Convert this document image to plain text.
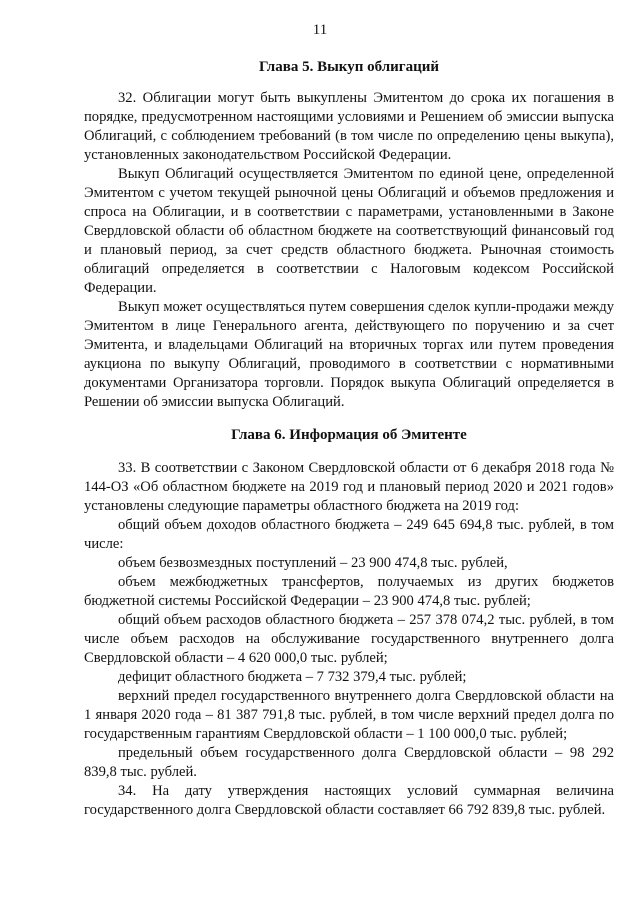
11
Глава 5. Выкуп облигаций

32. Облигации могут быть выкуплены Эмитентом до срока их погашения в порядке, предусмотренном настоящими условиями и Решением об эмиссии выпуска Облигаций, с соблюдением требований (в том числе по определению цены выкупа), установленных законодательством Российской Федерации.

Выкуп Облигаций осуществляется Эмитентом по единой цене, определенной Эмитентом с учетом текущей рыночной цены Облигаций и объемов предложения и спроса на Облигации, и в соответствии с параметрами, установленными в Законе Свердловской области об областном бюджете на соответствующий финансовый год и плановый период, за счет средств областного бюджета. Рыночная стоимость облигаций определяется в соответствии с Налоговым кодексом Российской Федерации.

Выкуп может осуществляться путем совершения сделок купли-продажи между Эмитентом в лице Генерального агента, действующего по поручению и за счет Эмитента, и владельцами Облигаций на вторичных торгах или путем проведения аукциона по выкупу Облигаций, проводимого в соответствии с нормативными документами Организатора торговли. Порядок выкупа Облигаций определяется в Решении об эмиссии выпуска Облигаций.

Глава 6. Информация об Эмитенте

33. В соответствии с Законом Свердловской области от 6 декабря 2018 года № 144-ОЗ «Об областном бюджете на 2019 год и плановый период 2020 и 2021 годов» установлены следующие параметры областного бюджета на 2019 год:

общий объем доходов областного бюджета – 249 645 694,8 тыс. рублей, в том числе:

объем безвозмездных поступлений – 23 900 474,8 тыс. рублей,

объем межбюджетных трансфертов, получаемых из других бюджетов бюджетной системы Российской Федерации – 23 900 474,8 тыс. рублей;

общий объем расходов областного бюджета – 257 378 074,2 тыс. рублей, в том числе объем расходов на обслуживание государственного внутреннего долга Свердловской области – 4 620 000,0 тыс. рублей;

дефицит областного бюджета – 7 732 379,4 тыс. рублей;

верхний предел государственного внутреннего долга Свердловской области на 1 января 2020 года – 81 387 791,8 тыс. рублей, в том числе верхний предел долга по государственным гарантиям Свердловской области – 1 100 000,0 тыс. рублей;

предельный объем государственного долга Свердловской области – 98 292 839,8 тыс. рублей.

34. На дату утверждения настоящих условий суммарная величина государственного долга Свердловской области составляет 66 792 839,8 тыс. рублей.
